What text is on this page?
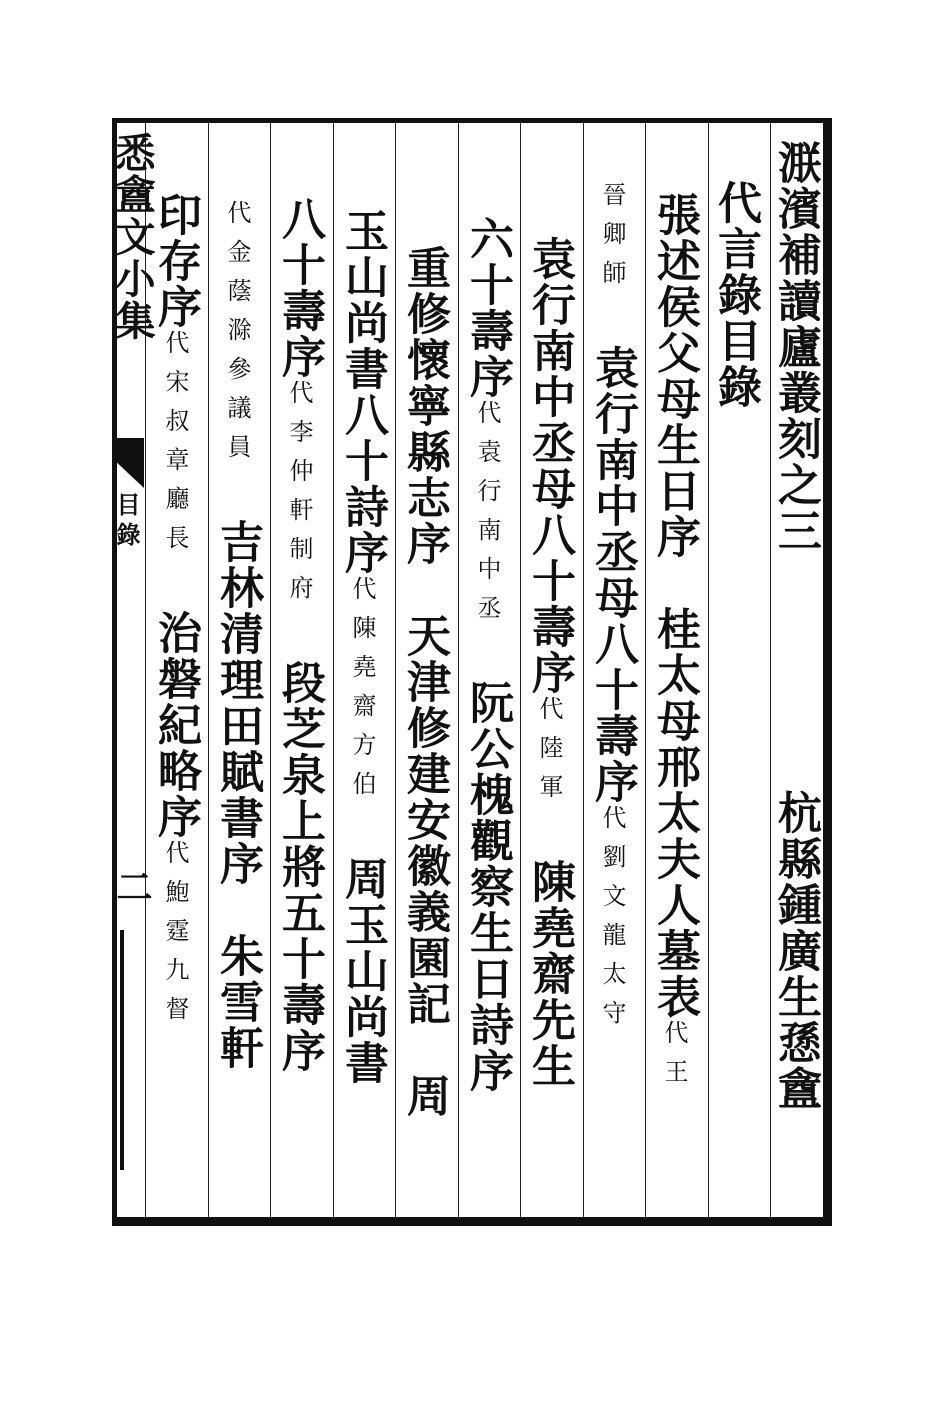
悉盦文小集
目錄
二
㴨濱補讀廬叢刻之三
杭縣鍾廣生愻盦
代言錄目錄
張述侯父母生日序　桂太母邢太夫人墓表代王
晉卿師　袁行南中丞母八十壽序代劉文龍太守
袁行南中丞母八十壽序代陸軍　陳堯齋先生
六十壽序代袁行南中丞　阮公槐觀察生日詩序
重修懷寧縣志序　天津修建安徽義園記　周
玉山尚書八十詩序代陳堯齋方伯　周玉山尚書
八十壽序代李仲軒制府　段芝泉上將五十壽序
代金蔭滁參議員　吉林清理田賦書序　朱雪軒
印存序代宋叔章廳長　治磐紀略序代鮑霆九督
